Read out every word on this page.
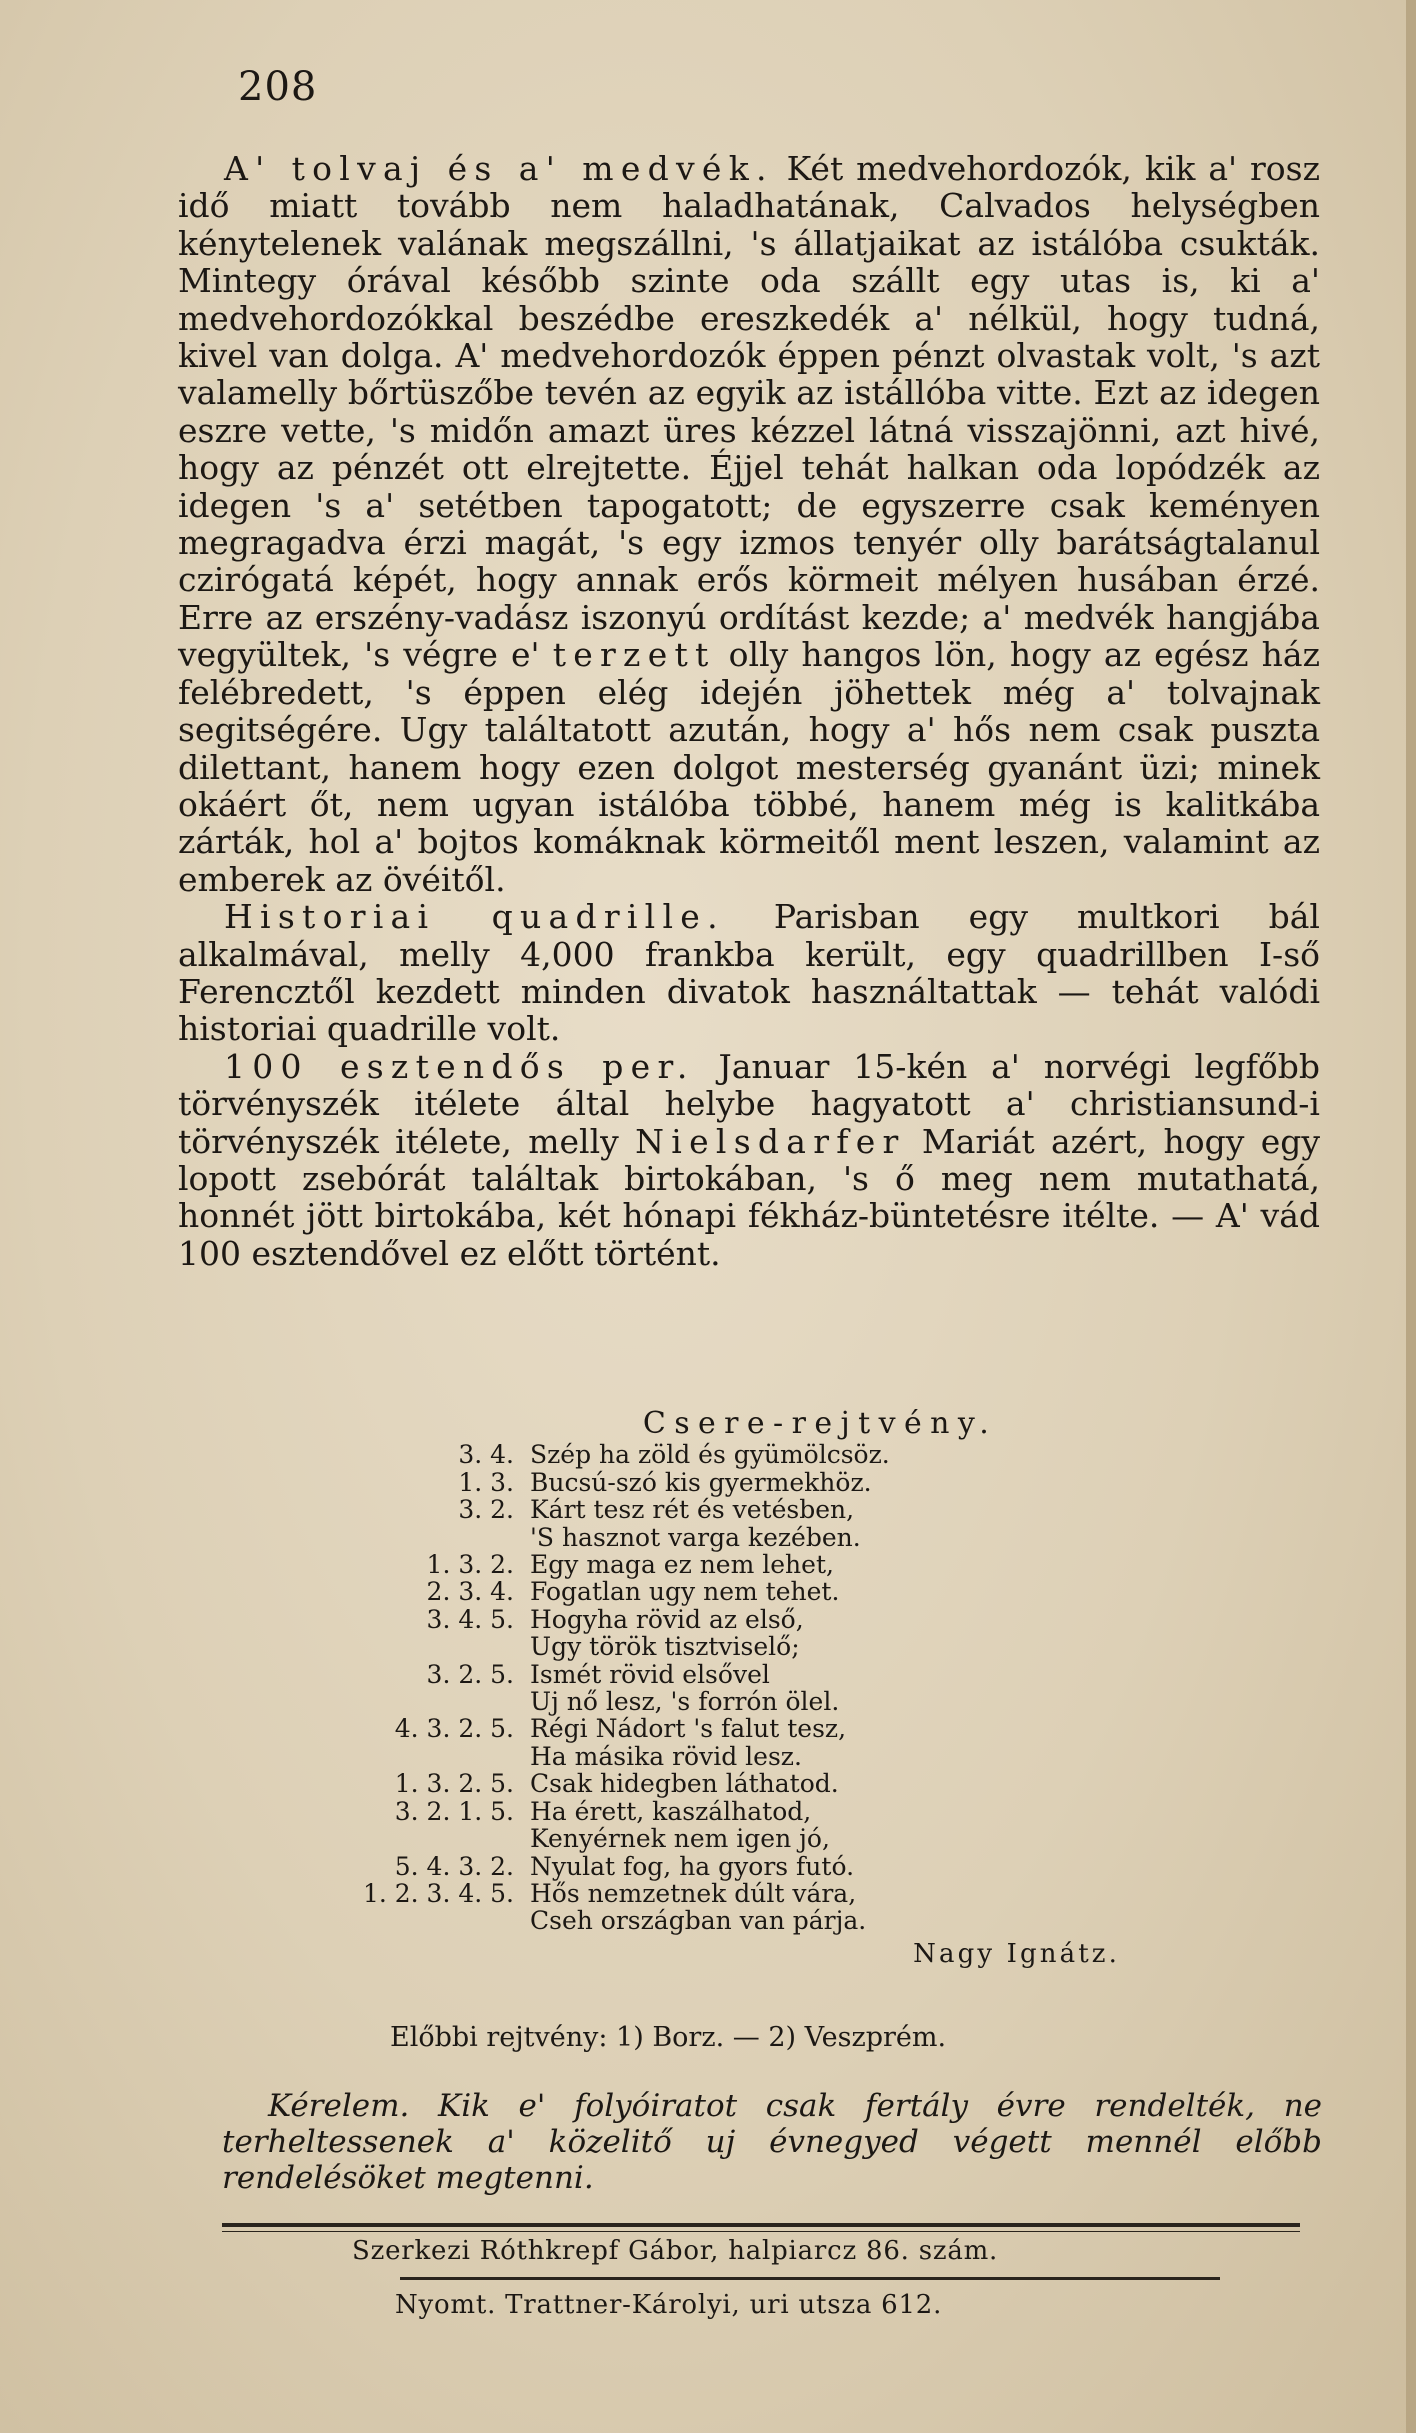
208

A' tolvaj és a' medvék. Két medvehordozók, kik a' rosz idő miatt tovább nem haladhatának, Calvados helységben kénytelenek valának megszállni, 's állatjaikat az istálóba csukták. Mintegy órával később szinte oda szállt egy utas is, ki a' medvehordozókkal beszédbe ereszkedék a' nélkül, hogy tudná, kivel van dolga. A' medvehordozók éppen pénzt olvastak volt, 's azt valamelly bőrtüszőbe tevén az egyik az istállóba vitte. Ezt az idegen eszre vette, 's midőn amazt üres kézzel látná visszajönni, azt hivé, hogy az pénzét ott elrejtette. Éjjel tehát halkan oda lopódzék az idegen 's a' setétben tapogatott; de egyszerre csak keményen megragadva érzi magát, 's egy izmos tenyér olly barátságtalanul czirógatá képét, hogy annak erős körmeit mélyen husában érzé. Erre az erszény-vadász iszonyú ordítást kezde; a' medvék hangjába vegyültek, 's végre e' terzett olly hangos lön, hogy az egész ház felébredett, 's éppen elég idején jöhettek még a' tolvajnak segitségére. Ugy találtatott azután, hogy a' hős nem csak puszta dilettant, hanem hogy ezen dolgot mesterség gyanánt üzi; minek okáért őt, nem ugyan istálóba többé, hanem még is kalitkába zárták, hol a' bojtos komáknak körmeitől ment leszen, valamint az emberek az övéitől.

Historiai quadrille. Parisban egy multkori bál alkalmával, melly 4,000 frankba került, egy quadrillben I-ső Ferencztől kezdett minden divatok használtattak — tehát valódi historiai quadrille volt.

100 esztendős per. Januar 15-kén a' norvégi legfőbb törvényszék itélete által helybe hagyatott a' christiansund-i törvényszék itélete, melly Nielsdarfer Mariát azért, hogy egy lopott zsebórát találtak birtokában, 's ő meg nem mutathatá, honnét jött birtokába, két hónapi fékház-büntetésre itélte. — A' vád 100 esztendővel ez előtt történt.

Csere-rejtvény.
3. 4. Szép ha zöld és gyümölcsöz.
1. 3. Bucsú-szó kis gyermekhöz.
3. 2. Kárt tesz rét és vetésben,
'S hasznot varga kezében.
1. 3. 2. Egy maga ez nem lehet,
2. 3. 4. Fogatlan ugy nem tehet.
3. 4. 5. Hogyha rövid az első,
Ugy török tisztviselő;
3. 2. 5. Ismét rövid elsővel
Uj nő lesz, 's forrón ölel.
4. 3. 2. 5. Régi Nádort 's falut tesz,
Ha másika rövid lesz.
1. 3. 2. 5. Csak hidegben láthatod.
3. 2. 1. 5. Ha érett, kaszálhatod,
Kenyérnek nem igen jó,
5. 4. 3. 2. Nyulat fog, ha gyors futó.
1. 2. 3. 4. 5. Hős nemzetnek dúlt vára,
Cseh országban van párja.
Nagy Ignátz.
Előbbi rejtvény: 1) Borz. — 2) Veszprém.
Kérelem. Kik e' folyóiratot csak fertály évre rendelték, ne terheltessenek a' közelitő uj évnegyed végett mennél előbb rendelésöket megtenni.
Szerkezi Róthkrepf Gábor, halpiarcz 86. szám.
Nyomt. Trattner-Károlyi, uri utsza 612.
